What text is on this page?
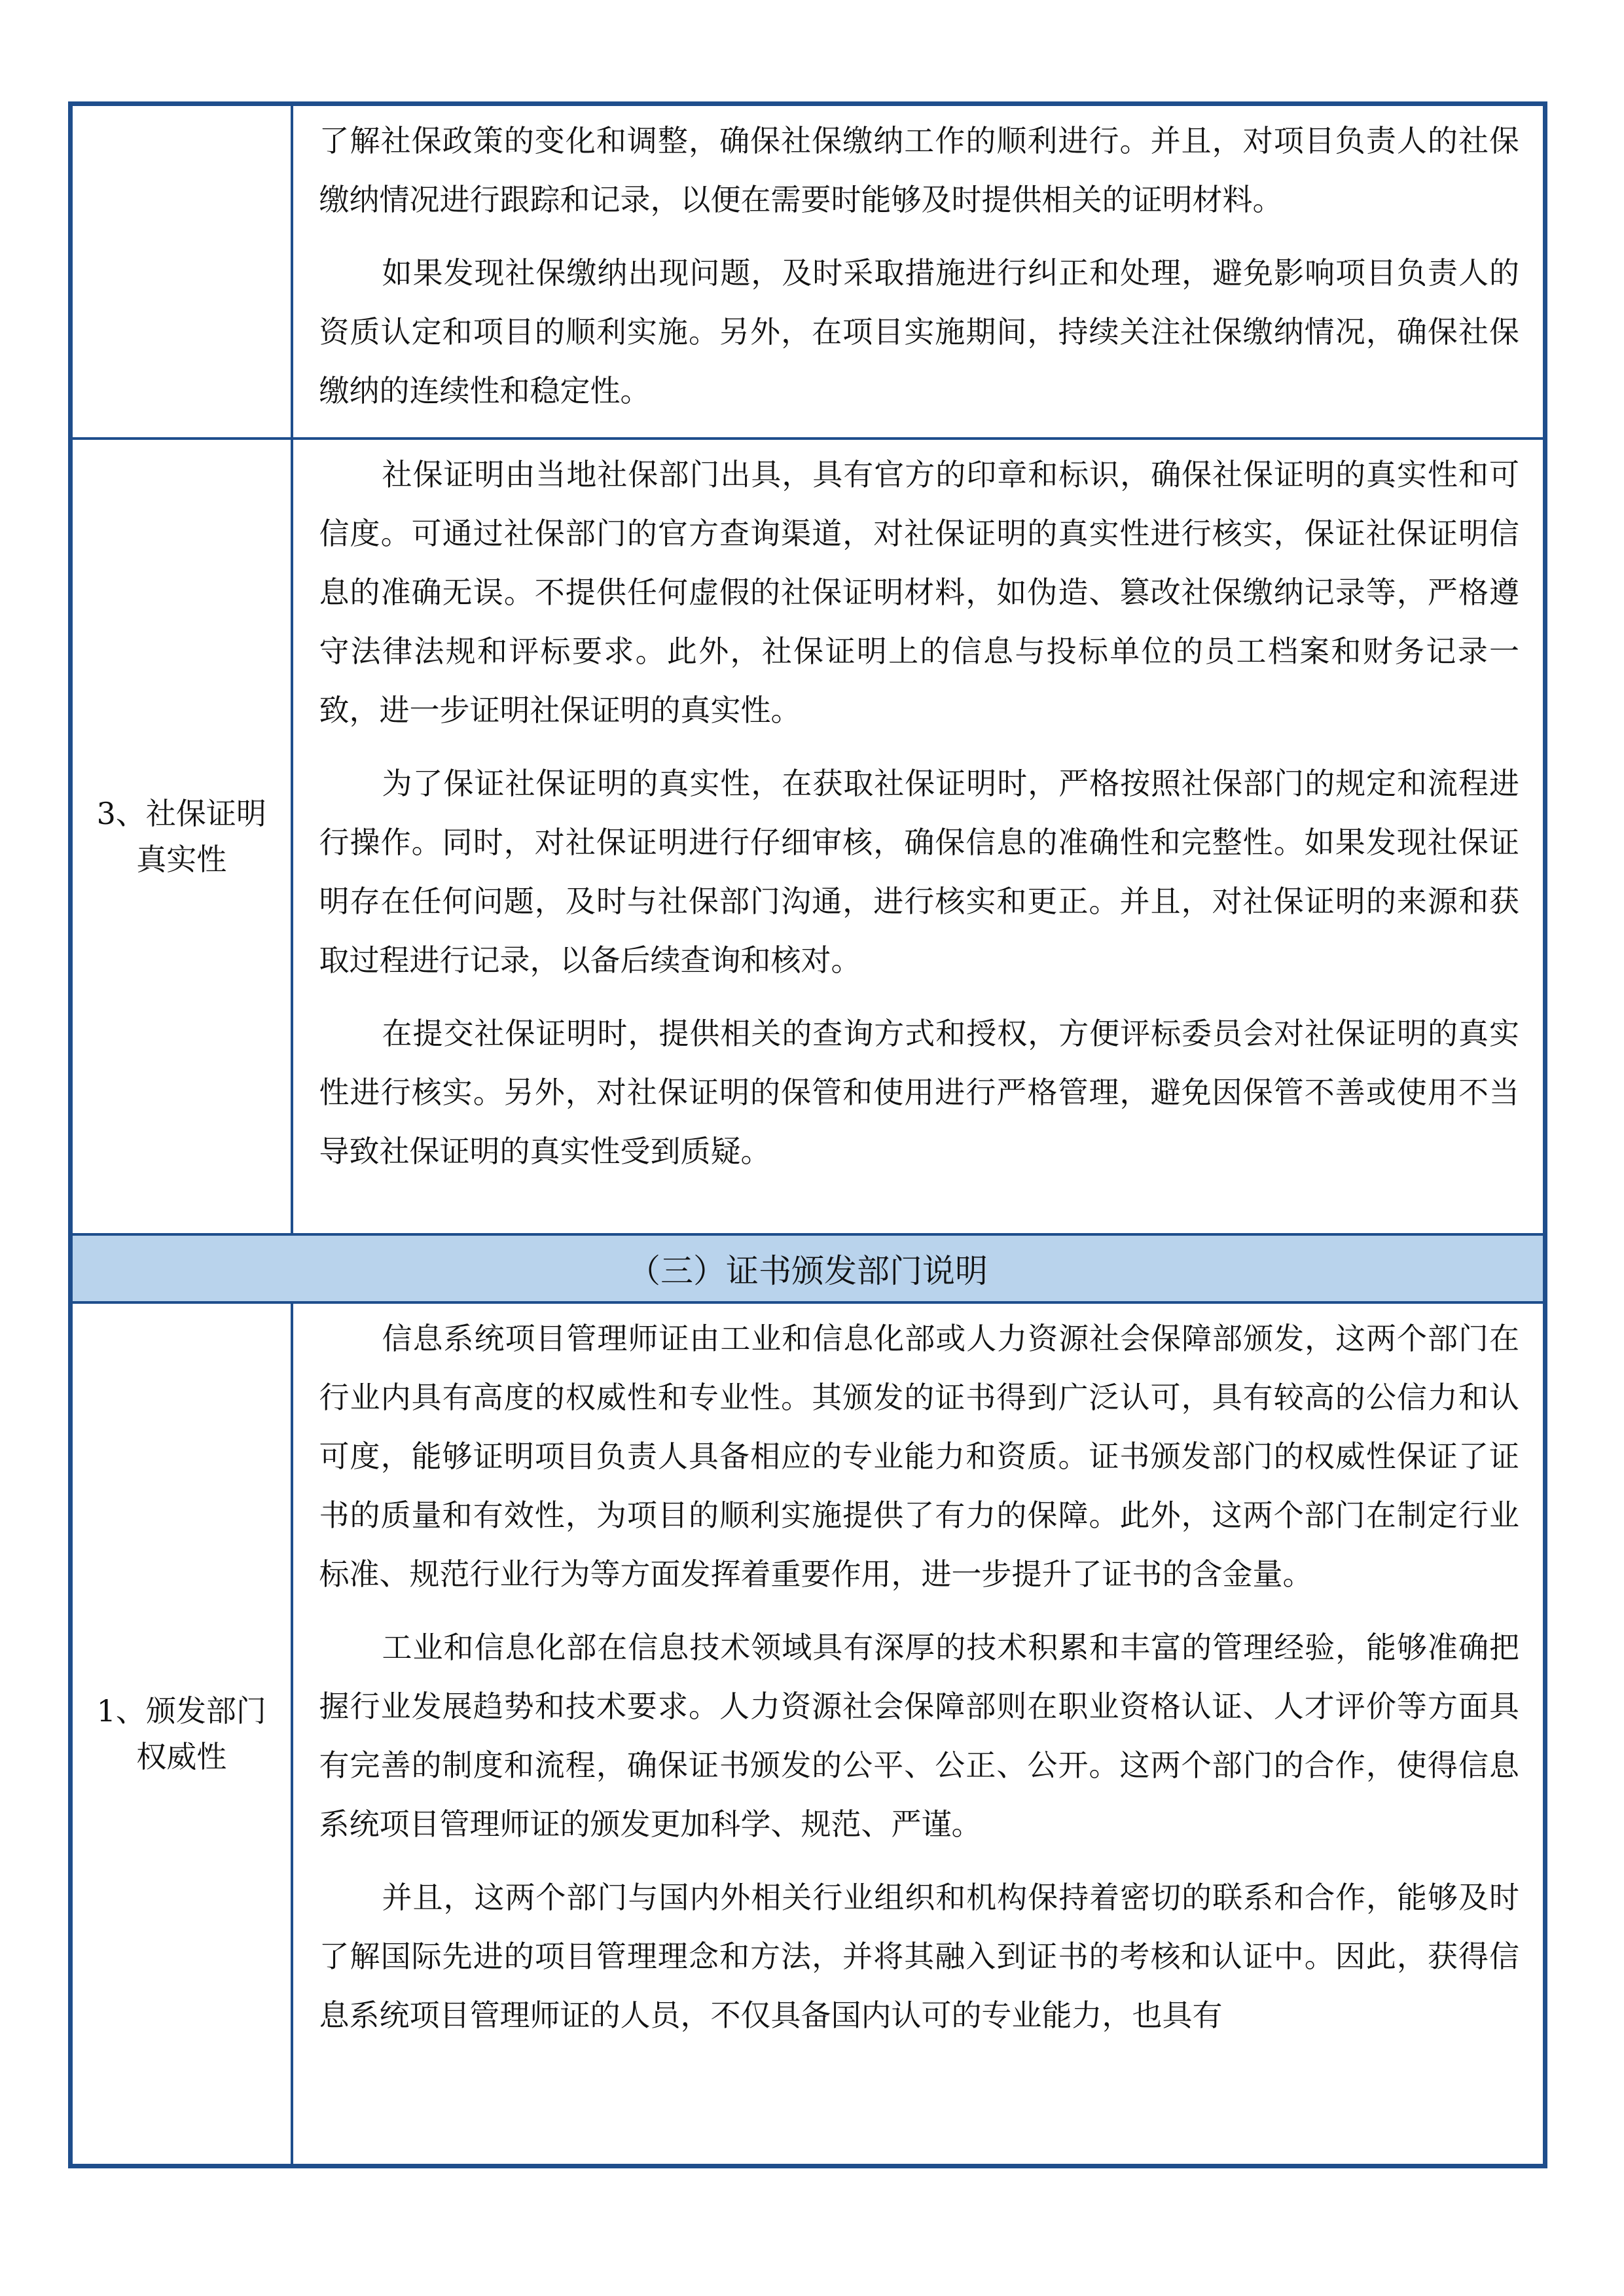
	了解社保政策的变化和调整，确保社保缴纳工作的顺利进行。并且，对项目负责人的社保缴纳情况进行跟踪和记录，以便在需要时能够及时提供相关的证明材料。

如果发现社保缴纳出现问题，及时采取措施进行纠正和处理，避免影响项目负责人的资质认定和项目的顺利实施。另外，在项目实施期间，持续关注社保缴纳情况，确保社保缴纳的连续性和稳定性。

3、社保证明真实性	社保证明由当地社保部门出具，具有官方的印章和标识，确保社保证明的真实性和可信度。可通过社保部门的官方查询渠道，对社保证明的真实性进行核实，保证社保证明信息的准确无误。不提供任何虚假的社保证明材料，如伪造、篡改社保缴纳记录等，严格遵守法律法规和评标要求。此外，社保证明上的信息与投标单位的员工档案和财务记录一致，进一步证明社保证明的真实性。

为了保证社保证明的真实性，在获取社保证明时，严格按照社保部门的规定和流程进行操作。同时，对社保证明进行仔细审核，确保信息的准确性和完整性。如果发现社保证明存在任何问题，及时与社保部门沟通，进行核实和更正。并且，对社保证明的来源和获取过程进行记录，以备后续查询和核对。

在提交社保证明时，提供相关的查询方式和授权，方便评标委员会对社保证明的真实性进行核实。另外，对社保证明的保管和使用进行严格管理，避免因保管不善或使用不当导致社保证明的真实性受到质疑。

（三）证书颁发部门说明	
1、颁发部门权威性	信息系统项目管理师证由工业和信息化部或人力资源社会保障部颁发，这两个部门在行业内具有高度的权威性和专业性。其颁发的证书得到广泛认可，具有较高的公信力和认可度，能够证明项目负责人具备相应的专业能力和资质。证书颁发部门的权威性保证了证书的质量和有效性，为项目的顺利实施提供了有力的保障。此外，这两个部门在制定行业标准、规范行业行为等方面发挥着重要作用，进一步提升了证书的含金量。

工业和信息化部在信息技术领域具有深厚的技术积累和丰富的管理经验，能够准确把握行业发展趋势和技术要求。人力资源社会保障部则在职业资格认证、人才评价等方面具有完善的制度和流程，确保证书颁发的公平、公正、公开。这两个部门的合作，使得信息系统项目管理师证的颁发更加科学、规范、严谨。

并且，这两个部门与国内外相关行业组织和机构保持着密切的联系和合作，能够及时了解国际先进的项目管理理念和方法，并将其融入到证书的考核和认证中。因此，获得信息系统项目管理师证的人员，不仅具备国内认可的专业能力，也具有
